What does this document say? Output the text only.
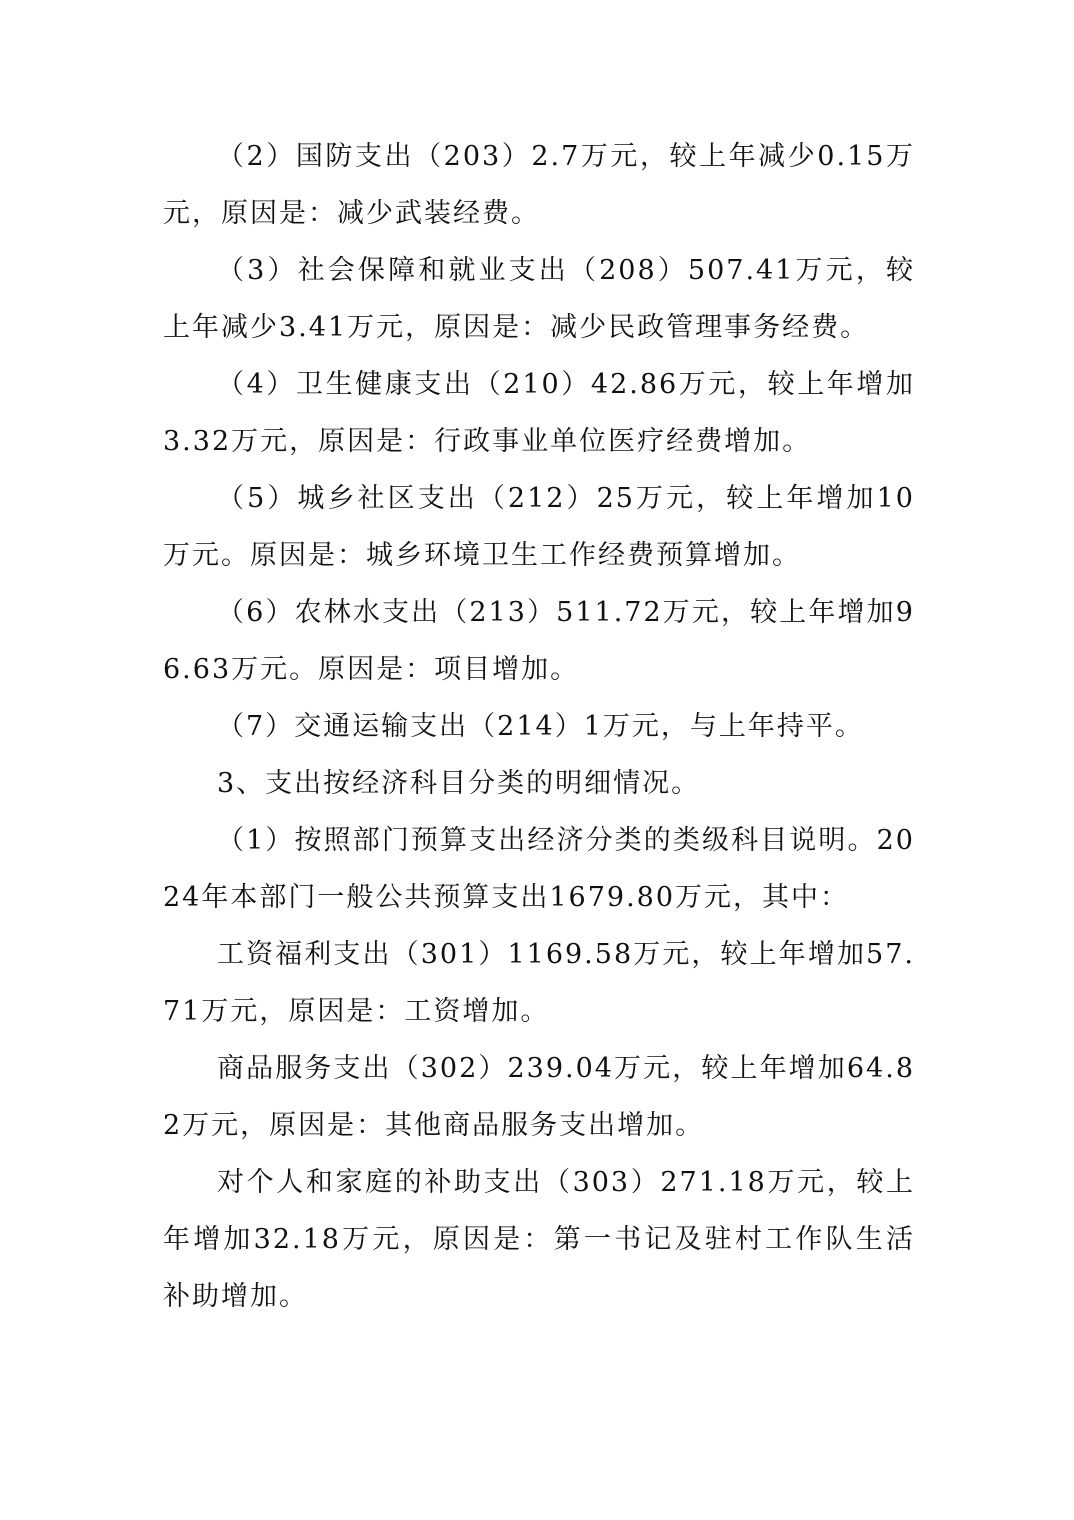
（2）国防支出（203）2.7万元，较上年减少0.15万元，原因是：减少武装经费。

（3）社会保障和就业支出（208）507.41万元，较上年减少3.41万元，原因是：减少民政管理事务经费。

（4）卫生健康支出（210）42.86万元，较上年增加3.32万元，原因是：行政事业单位医疗经费增加。

（5）城乡社区支出（212）25万元，较上年增加10万元。原因是：城乡环境卫生工作经费预算增加。

（6）农林水支出（213）511.72万元，较上年增加96.63万元。原因是：项目增加。

（7）交通运输支出（214）1万元，与上年持平。

3、支出按经济科目分类的明细情况。

（1）按照部门预算支出经济分类的类级科目说明。2024年本部门一般公共预算支出1679.80万元，其中：

工资福利支出（301）1169.58万元，较上年增加57.71万元，原因是：工资增加。

商品服务支出（302）239.04万元，较上年增加64.82万元，原因是：其他商品服务支出增加。

对个人和家庭的补助支出（303）271.18万元，较上年增加32.18万元，原因是：第一书记及驻村工作队生活补助增加。
